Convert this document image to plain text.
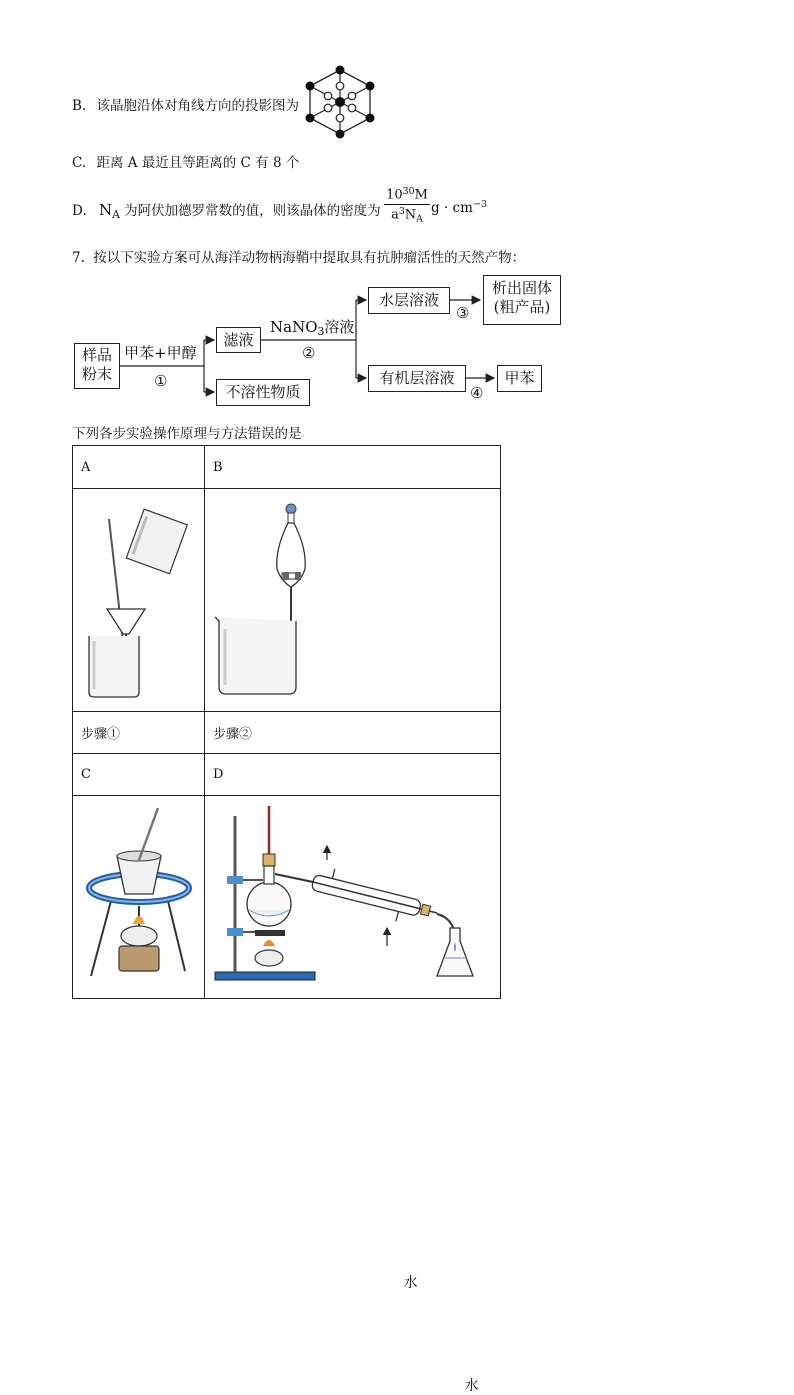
B. 该晶胞沿体对角线方向的投影图为
C. 距离 A 最近且等距离的 C 有 8 个
D. $N_A$ 为阿伏加德罗常数的值，则该晶体的密度为 $\frac{10^{30}M}{a^3N_A}$ $g \cdot cm^{-3}$
7. 按以下实验方案可从海洋动物柄海鞘中提取具有抗肿瘤活性的天然产物：
样品
粉末
甲苯+甲醇
①
滤液
不溶性物质
NaNO$_3$溶液
②
水层溶液
③
析出固体
(粗产品)
有机层溶液
④
甲苯
下列各步实验操作原理与方法错误的是
A	B

步骤①	步骤②
C	D

水
水
